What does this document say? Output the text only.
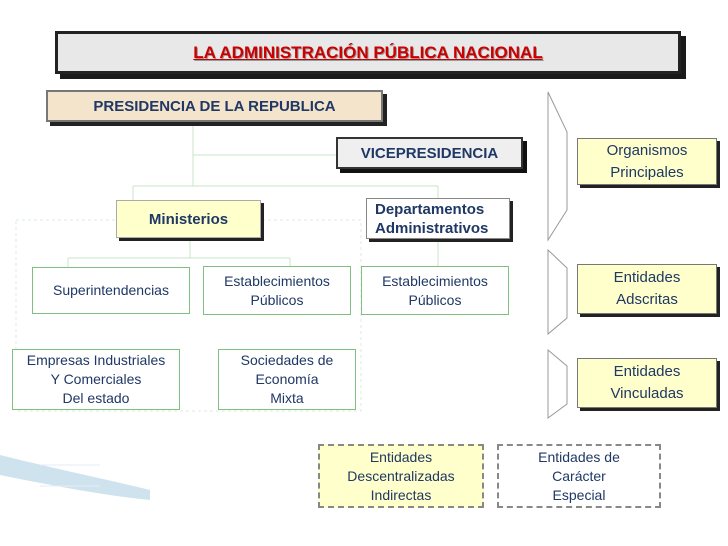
LA ADMINISTRACIÓN PÚBLICA NACIONAL
PRESIDENCIA DE LA REPUBLICA
VICEPRESIDENCIA
Ministerios
Departamentos
Administrativos
Superintendencias
Establecimientos
Públicos
Establecimientos
Públicos
Empresas Industriales
Y Comerciales
Del estado
Sociedades de
Economía
Mixta
Organismos
Principales
Entidades
Adscritas
Entidades
Vinculadas
Entidades
Descentralizadas
Indirectas
Entidades de
Carácter
Especial
